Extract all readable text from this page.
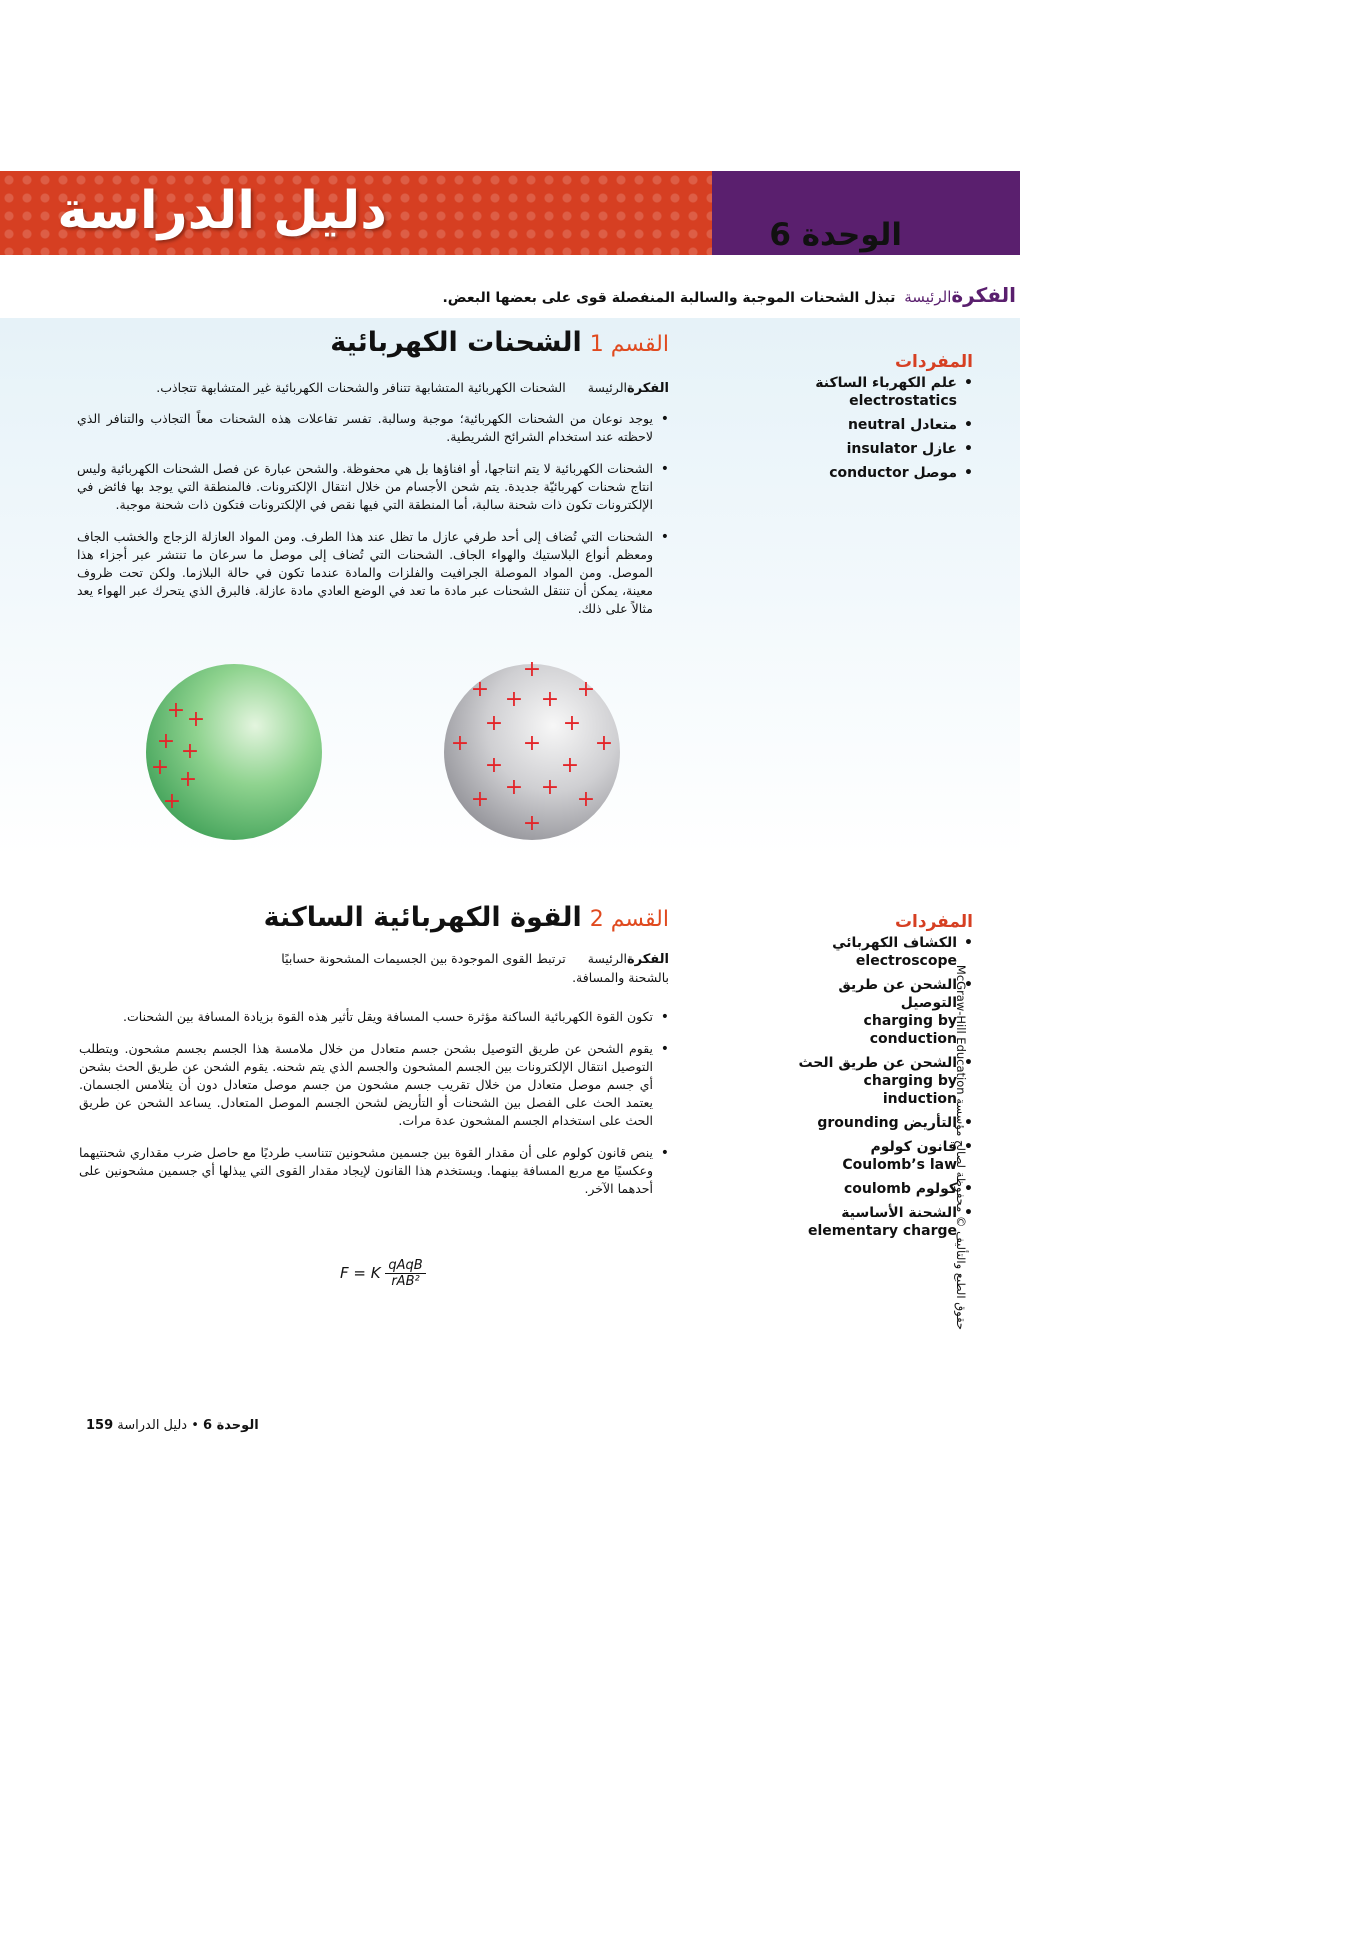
دليل الدراسة	الوحدة 6
الفكرةالرئيسة تبذل الشحنات الموجبة والسالبة المنفصلة قوى على بعضها البعض.
القسم 1الشحنات الكهربائية
الفكرةالرئيسة الشحنات الكهربائية المتشابهة تتنافر والشحنات الكهربائية غير المتشابهة تتجاذب.
• يوجد نوعان من الشحنات الكهربائية؛ موجبة وسالبة. تفسر تفاعلات هذه الشحنات معاً التجاذب والتنافر الذي لاحظته عند استخدام الشرائح الشريطية.
• الشحنات الكهربائية لا يتم انتاجها، أو افناؤها بل هي محفوظة. والشحن عبارة عن فصل الشحنات الكهربائية وليس انتاج شحنات كهربائيّة جديدة. يتم شحن الأجسام من خلال انتقال الإلكترونات. فالمنطقة التي يوجد بها فائض في الإلكترونات تكون ذات شحنة سالبة، أما المنطقة التي فيها نقص في الإلكترونات فتكون ذات شحنة موجبة.
• الشحنات التي تُضاف إلى أحد طرفي عازل ما تظل عند هذا الطرف. ومن المواد العازلة الزجاج والخشب الجاف ومعظم أنواع البلاستيك والهواء الجاف. الشحنات التي تُضاف إلى موصل ما سرعان ما تنتشر عبر أجزاء هذا الموصل. ومن المواد الموصلة الجرافيت والفلزات والمادة عندما تكون في حالة البلازما. ولكن تحت ظروف معينة، يمكن أن تنتقل الشحنات عبر مادة ما تعد في الوضع العادي مادة عازلة. فالبرق الذي يتحرك عبر الهواء يعد مثالاً على ذلك.
المفردات
• علم الكهرباء الساكنة
electrostatics
• متعادل neutral
• عازل insulator
• موصل conductor
+ +
+ +
+ +
+
+
+ + + +
+	+
+ + +
+	+
+ +
+	+
+
القسم 2القوة الكهربائية الساكنة
الفكرةالرئيسة ترتبط القوى الموجودة بين الجسيمات المشحونة حسابيًا بالشحنة والمسافة.
• تكون القوة الكهربائية الساكنة مؤثرة حسب المسافة ويقل تأثير هذه القوة بزيادة المسافة بين الشحنات.
• يقوم الشحن عن طريق التوصيل بشحن جسم متعادل من خلال ملامسة هذا الجسم بجسم مشحون. ويتطلب التوصيل انتقال الإلكترونات بين الجسم المشحون والجسم الذي يتم شحنه. يقوم الشحن عن طريق الحث بشحن أي جسم موصل متعادل من خلال تقريب جسم مشحون من جسم موصل متعادل دون أن يتلامس الجسمان. يعتمد الحث على الفصل بين الشحنات أو التأريض لشحن الجسم الموصل المتعادل. يساعد الشحن عن طريق الحث على استخدام الجسم المشحون عدة مرات.
• ينص قانون كولوم على أن مقدار القوة بين جسمين مشحونين تتناسب طرديًا مع حاصل ضرب مقداري شحنتيهما وعكسيًا مع مربع المسافة بينهما. ويستخدم هذا القانون لإيجاد مقدار القوى التي يبذلها أي جسمين مشحونين على أحدهما الآخر.
F = K $\frac{\text{qAqB}}{\text{rAB²}}$
المفردات
• الكشاف الكهربائي
electroscope
• الشحن عن طريق التوصيل
charging by conduction
• الشحن عن طريق الحث
charging by induction
• التأريض grounding
• قانون كولوم
Coulomb’s law
• كولوم coulomb
• الشحنة الأساسية
elementary charge
حقوق الطبع والتأليف © محفوظة لصالح مؤسسة McGraw-Hill Education
الوحدة 6 • دليل الدراسة 159
